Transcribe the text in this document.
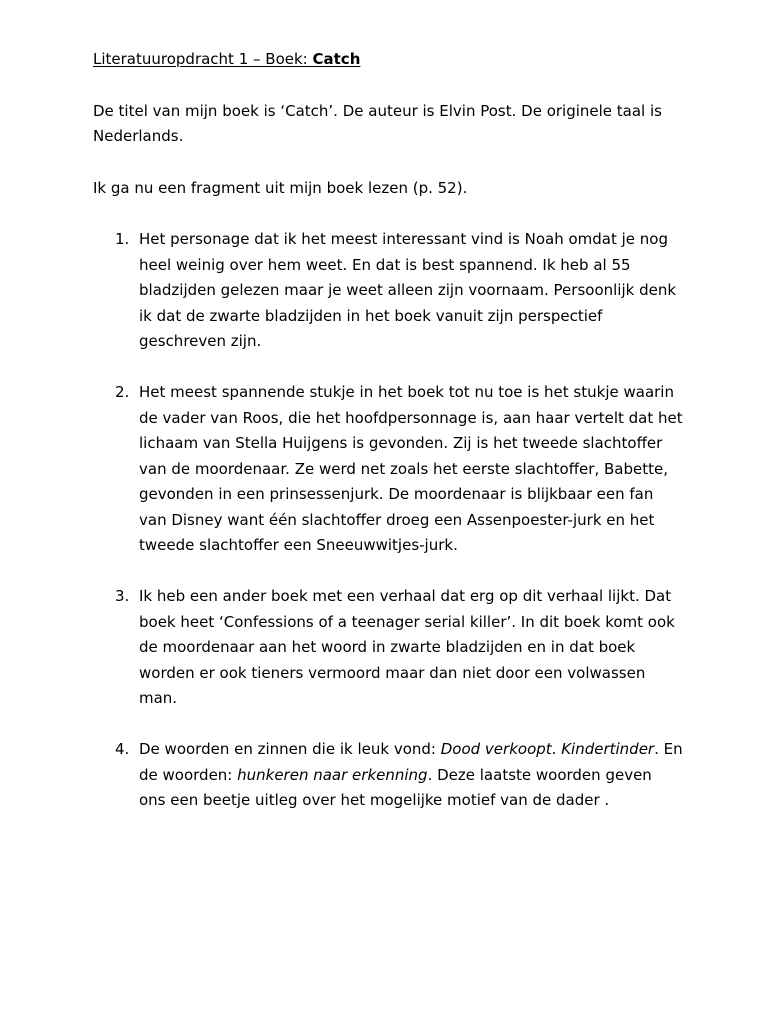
Literatuuropdracht 1 – Boek: Catch

De titel van mijn boek is ‘Catch’. De auteur is Elvin Post. De originele taal is Nederlands.

Ik ga nu een fragment uit mijn boek lezen (p. 52).

1. Het personage dat ik het meest interessant vind is Noah omdat je nog heel weinig over hem weet. En dat is best spannend. Ik heb al 55 bladzijden gelezen maar je weet alleen zijn voornaam. Persoonlijk denk ik dat de zwarte bladzijden in het boek vanuit zijn perspectief geschreven zijn.
2. Het meest spannende stukje in het boek tot nu toe is het stukje waarin de vader van Roos, die het hoofdpersonnage is, aan haar vertelt dat het lichaam van Stella Huijgens is gevonden. Zij is het tweede slachtoffer van de moordenaar. Ze werd net zoals het eerste slachtoffer, Babette, gevonden in een prinsessenjurk. De moordenaar is blijkbaar een fan van Disney want één slachtoffer droeg een Assenpoester-jurk en het tweede slachtoffer een Sneeuwwitjes-jurk.
3. Ik heb een ander boek met een verhaal dat erg op dit verhaal lijkt. Dat boek heet ‘Confessions of a teenager serial killer’. In dit boek komt ook de moordenaar aan het woord in zwarte bladzijden en in dat boek worden er ook tieners vermoord maar dan niet door een volwassen man.
4. De woorden en zinnen die ik leuk vond: Dood verkoopt. Kindertinder. En de woorden: hunkeren naar erkenning. Deze laatste woorden geven ons een beetje uitleg over het mogelijke motief van de dader .
